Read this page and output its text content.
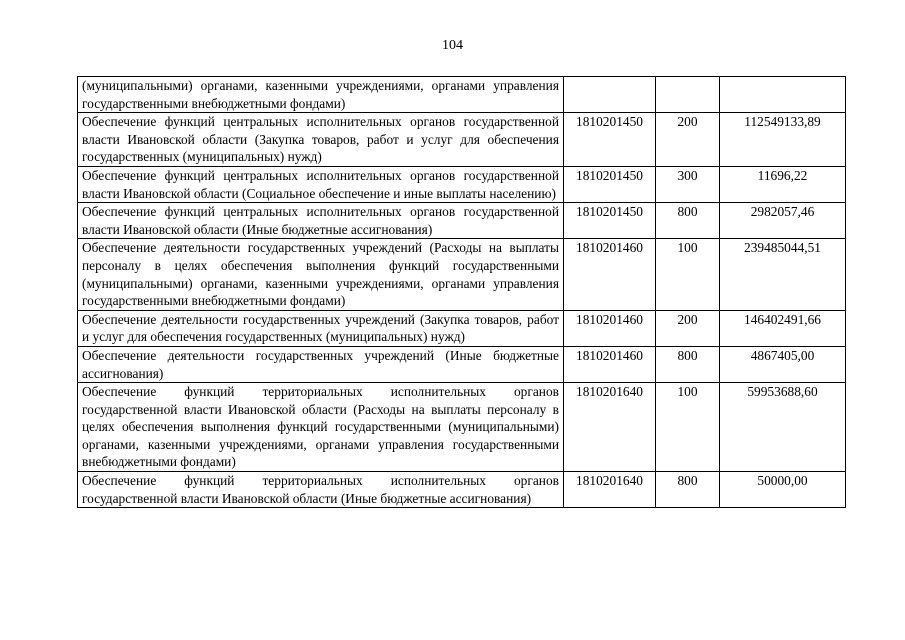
104
(муниципальными) органами, казенными учреждениями, органами управления государственными внебюджетными фондами)			
Обеспечение функций центральных исполнительных органов государственной власти Ивановской области (Закупка товаров, работ и услуг для обеспечения государственных (муниципальных) нужд)	1810201450	200	112549133,89
Обеспечение функций центральных исполнительных органов государственной власти Ивановской области (Социальное обеспечение и иные выплаты населению)	1810201450	300	11696,22
Обеспечение функций центральных исполнительных органов государственной власти Ивановской области (Иные бюджетные ассигнования)	1810201450	800	2982057,46
Обеспечение деятельности государственных учреждений (Расходы на выплаты персоналу в целях обеспечения выполнения функций государственными (муниципальными) органами, казенными учреждениями, органами управления государственными внебюджетными фондами)	1810201460	100	239485044,51
Обеспечение деятельности государственных учреждений (Закупка товаров, работ и услуг для обеспечения государственных (муниципальных) нужд)	1810201460	200	146402491,66
Обеспечение деятельности государственных учреждений (Иные бюджетные ассигнования)	1810201460	800	4867405,00
Обеспечение функций территориальных исполнительных органов государственной власти Ивановской области (Расходы на выплаты персоналу в целях обеспечения выполнения функций государственными (муниципальными) органами, казенными учреждениями, органами управления государственными внебюджетными фондами)	1810201640	100	59953688,60
Обеспечение функций территориальных исполнительных органов государственной власти Ивановской области (Иные бюджетные ассигнования)	1810201640	800	50000,00
